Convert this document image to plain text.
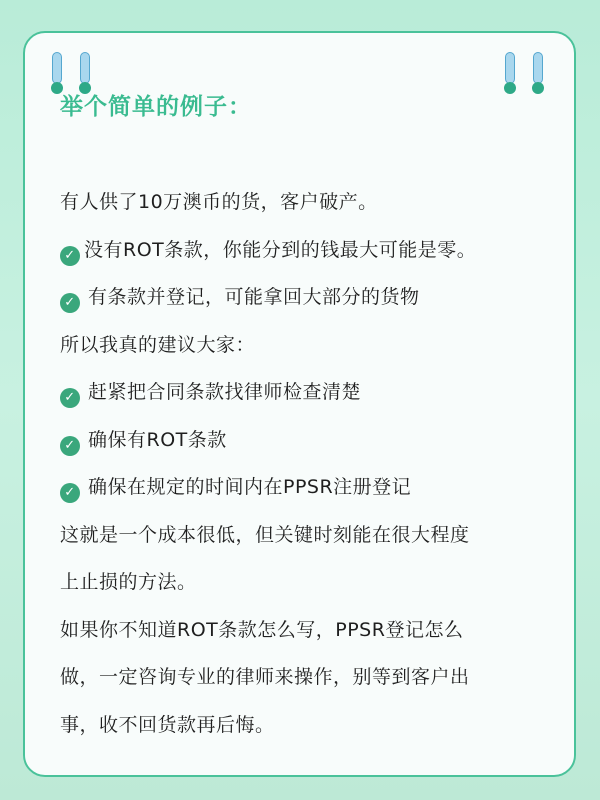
举个简单的例子：
有人供了10万澳币的货，客户破产。
✓ 没有ROT条款，你能分到的钱最大可能是零。
✓ 有条款并登记，可能拿回大部分的货物
所以我真的建议大家：
✓ 赶紧把合同条款找律师检查清楚
✓ 确保有ROT条款
✓ 确保在规定的时间内在PPSR注册登记
这就是一个成本很低，但关键时刻能在很大程度
上止损的方法。
如果你不知道ROT条款怎么写，PPSR登记怎么
做，一定咨询专业的律师来操作，别等到客户出
事，收不回货款再后悔。
